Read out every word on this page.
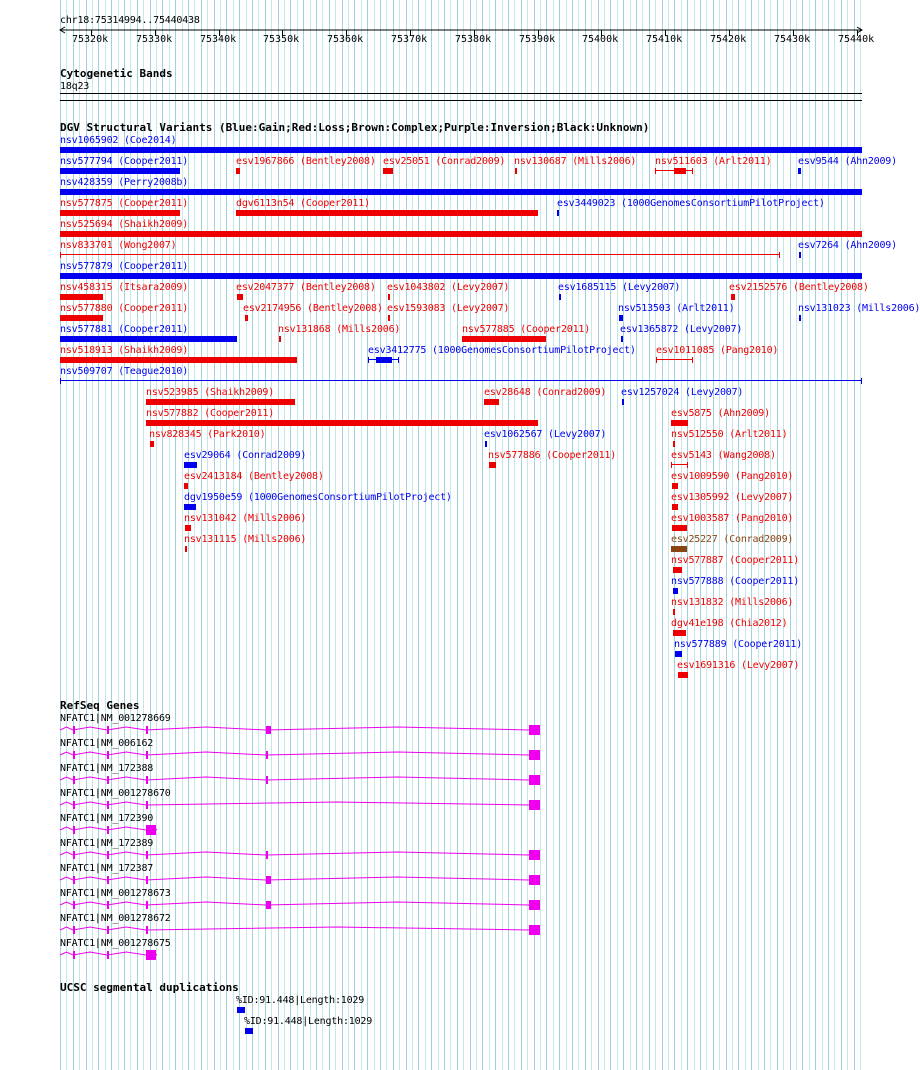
chr18:75314994..75440438
75320k	75330k	75340k	75350k	75360k	75370k	75380k	75390k	75400k	75410k	75420k	75430k	75440k
Cytogenetic Bands
18q23
DGV Structural Variants (Blue:Gain;Red:Loss;Brown:Complex;Purple:Inversion;Black:Unknown)
nsv1065902 (Coe2014)
nsv577794 (Cooper2011)	esv1967866 (Bentley2008) esv25051 (Conrad2009) nsv130687 (Mills2006) nsv511603 (Arlt2011)	esv9544 (Ahn2009)
nsv428359 (Perry2008b)
nsv577875 (Cooper2011)	dgv6113n54 (Cooper2011)	esv3449023 (1000GenomesConsortiumPilotProject)
nsv525694 (Shaikh2009)
nsv833701 (Wong2007)	esv7264 (Ahn2009)
nsv577879 (Cooper2011)
nsv458315 (Itsara2009)	esv2047377 (Bentley2008) esv1043802 (Levy2007)	esv1685115 (Levy2007)	esv2152576 (Bentley2008)
nsv577880 (Cooper2011)	esv2174956 (Bentley2008) esv1593083 (Levy2007)	nsv513503 (Arlt2011)	nsv131023 (Mills2006)
nsv577881 (Cooper2011)	nsv131868 (Mills2006)	nsv577885 (Cooper2011)	esv1365872 (Levy2007)
nsv518913 (Shaikh2009)	esv3412775 (1000GenomesConsortiumPilotProject) esv1011085 (Pang2010)
nsv509707 (Teague2010)
nsv523985 (Shaikh2009)	esv28648 (Conrad2009) esv1257024 (Levy2007)
nsv577882 (Cooper2011)	esv5875 (Ahn2009)
nsv828345 (Park2010)	esv1062567 (Levy2007)	nsv512550 (Arlt2011)
esv29064 (Conrad2009)	nsv577886 (Cooper2011)	esv5143 (Wang2008)
esv2413184 (Bentley2008)	esv1009590 (Pang2010)
dgv1950e59 (1000GenomesConsortiumPilotProject)	esv1305992 (Levy2007)
nsv131042 (Mills2006)	esv1003587 (Pang2010)
nsv131115 (Mills2006)	esv25227 (Conrad2009)
nsv577887 (Cooper2011)
nsv577888 (Cooper2011)
nsv131832 (Mills2006)
dgv41e198 (Chia2012)
nsv577889 (Cooper2011)
esv1691316 (Levy2007)
RefSeq Genes
NFATC1|NM_001278669
NFATC1|NM_006162
NFATC1|NM_172388
NFATC1|NM_001278670
NFATC1|NM_172390
NFATC1|NM_172389
NFATC1|NM_172387
NFATC1|NM_001278673
NFATC1|NM_001278672
NFATC1|NM_001278675
UCSC segmental duplications
%ID:91.448|Length:1029
%ID:91.448|Length:1029
